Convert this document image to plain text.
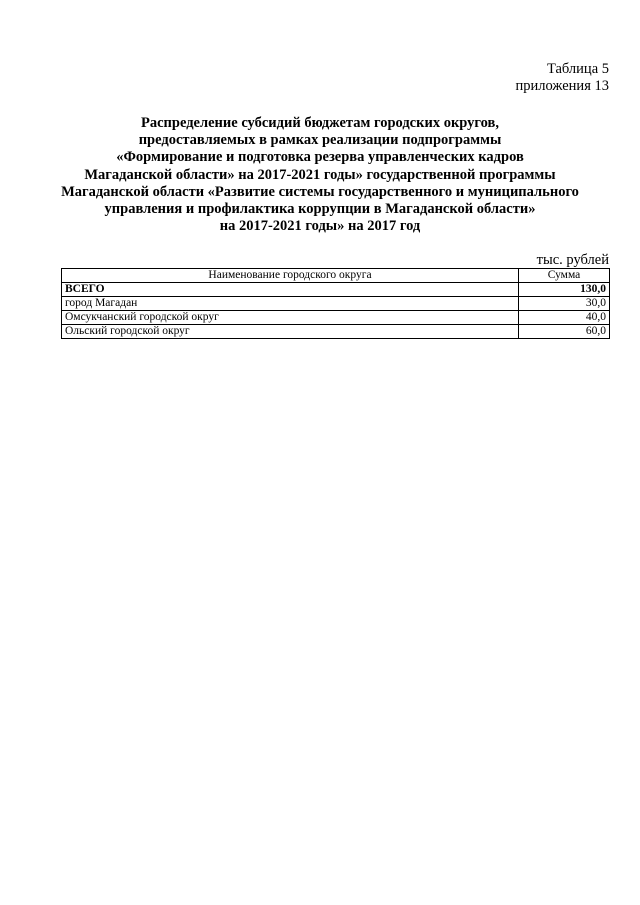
Таблица 5
приложения 13
Распределение субсидий бюджетам городских округов,
предоставляемых в рамках реализации подпрограммы
«Формирование и подготовка резерва управленческих кадров
Магаданской области» на 2017-2021 годы» государственной программы
Магаданской области «Развитие системы государственного и муниципального
управления и профилактика коррупции в Магаданской области»
на 2017-2021 годы» на 2017 год
тыс. рублей
Наименование городского округа	Сумма
ВСЕГО	130,0
город Магадан	30,0
Омсукчанский городской округ	40,0
Ольский городской округ	60,0
